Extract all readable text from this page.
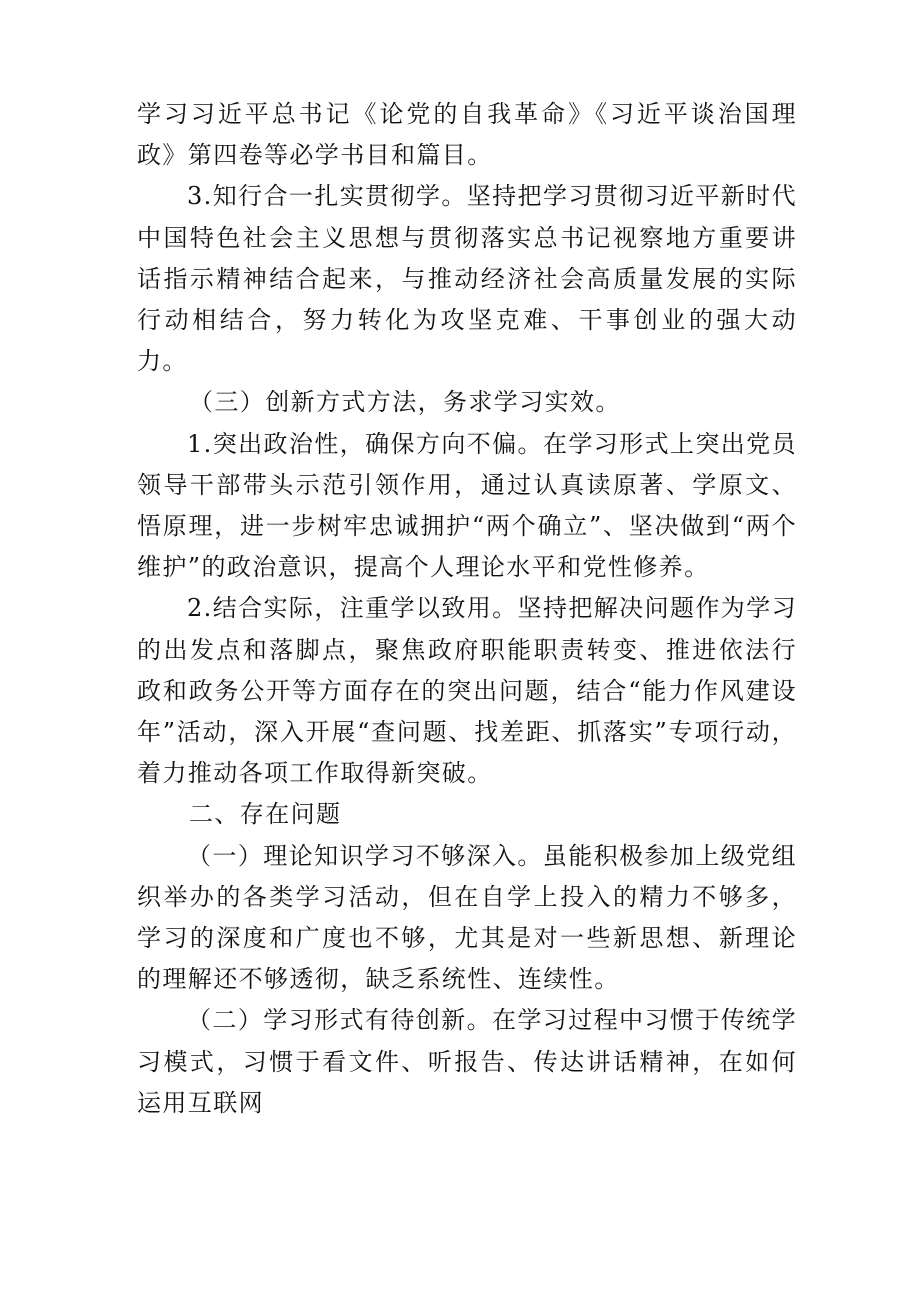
学习习近平总书记《论党的自我革命》《习近平谈治国理政》第四卷等必学书目和篇目。

3.知行合一扎实贯彻学。坚持把学习贯彻习近平新时代中国特色社会主义思想与贯彻落实总书记视察地方重要讲话指示精神结合起来，与推动经济社会高质量发展的实际行动相结合，努力转化为攻坚克难、干事创业的强大动力。

（三）创新方式方法，务求学习实效。

1.突出政治性，确保方向不偏。在学习形式上突出党员领导干部带头示范引领作用，通过认真读原著、学原文、悟原理，进一步树牢忠诚拥护“两个确立”、坚决做到“两个维护”的政治意识，提高个人理论水平和党性修养。

2.结合实际，注重学以致用。坚持把解决问题作为学习的出发点和落脚点，聚焦政府职能职责转变、推进依法行政和政务公开等方面存在的突出问题，结合“能力作风建设年”活动，深入开展“查问题、找差距、抓落实”专项行动，着力推动各项工作取得新突破。

二、存在问题

（一）理论知识学习不够深入。虽能积极参加上级党组织举办的各类学习活动，但在自学上投入的精力不够多，学习的深度和广度也不够，尤其是对一些新思想、新理论的理解还不够透彻，缺乏系统性、连续性。

（二）学习形式有待创新。在学习过程中习惯于传统学习模式，习惯于看文件、听报告、传达讲话精神，在如何运用互联网
